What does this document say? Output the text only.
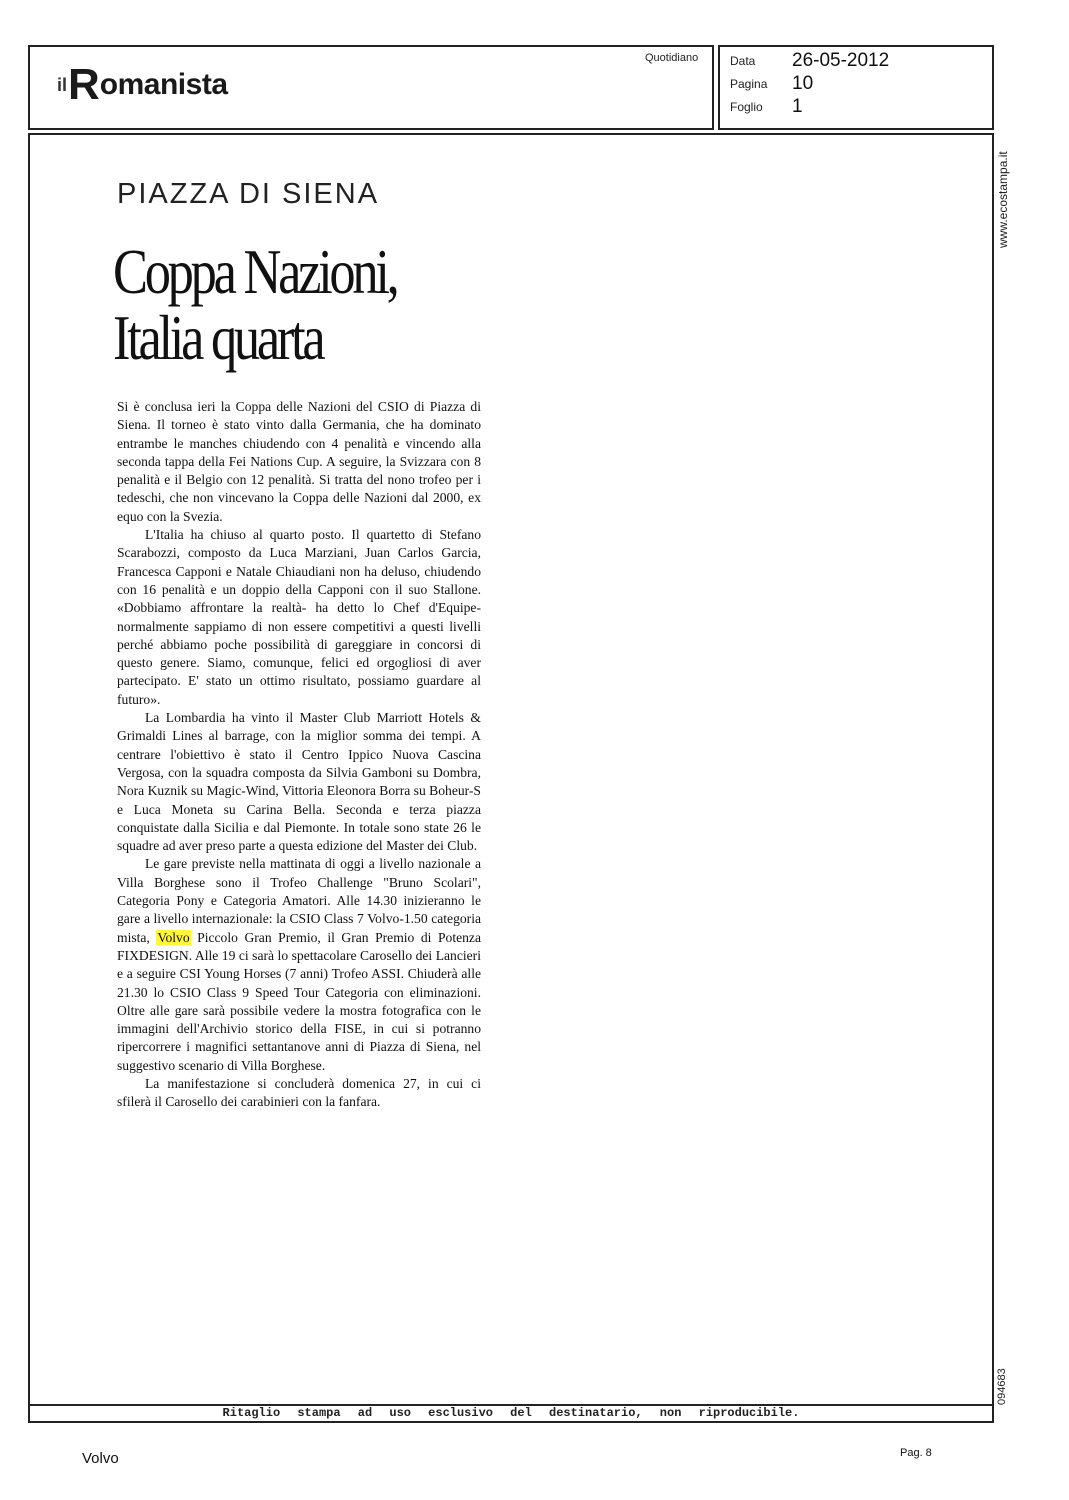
il R omanista
Quotidiano	Data 26-05-2012
Pagina 10
Foglio 1
www.ecostampa.it
094683
PIAZZA DI SIENA
Coppa Nazioni,
Italia quarta

Si è conclusa ieri la Coppa delle Nazioni del CSIO di Piazza di Siena. Il torneo è stato vinto dalla Germania, che ha dominato entrambe le manches chiudendo con 4 penalità e vincendo alla seconda tappa della Fei Nations Cup. A seguire, la Svizzara con 8 penalità e il Belgio con 12 penalità. Si tratta del nono trofeo per i tedeschi, che non vincevano la Coppa delle Nazioni dal 2000, ex equo con la Svezia.

L'Italia ha chiuso al quarto posto. Il quartetto di Stefano Scarabozzi, composto da Luca Marziani, Juan Carlos Garcia, Francesca Capponi e Natale Chiaudiani non ha deluso, chiudendo con 16 penalità e un doppio della Capponi con il suo Stallone. «Dobbiamo affrontare la realtà- ha detto lo Chef d'Equipe- normalmente sappiamo di non essere competitivi a questi livelli perché abbiamo poche possibilità di gareggiare in concorsi di questo genere. Siamo, comunque, felici ed orgogliosi di aver partecipato. E' stato un ottimo risultato, possiamo guardare al futuro».

La Lombardia ha vinto il Master Club Marriott Hotels & Grimaldi Lines al barrage, con la miglior somma dei tempi. A centrare l'obiettivo è stato il Centro Ippico Nuova Cascina Vergosa, con la squadra composta da Silvia Gamboni su Dombra, Nora Kuznik su Magic-Wind, Vittoria Eleonora Borra su Boheur-S e Luca Moneta su Carina Bella. Seconda e terza piazza conquistate dalla Sicilia e dal Piemonte. In totale sono state 26 le squadre ad aver preso parte a questa edizione del Master dei Club.

Le gare previste nella mattinata di oggi a livello nazionale a Villa Borghese sono il Trofeo Challenge "Bruno Scolari", Categoria Pony e Categoria Amatori. Alle 14.30 inizieranno le gare a livello internazionale: la CSIO Class 7 Volvo-1.50 categoria mista, Volvo Piccolo Gran Premio, il Gran Premio di Potenza FIXDESIGN. Alle 19 ci sarà lo spettacolare Carosello dei Lancieri e a seguire CSI Young Horses (7 anni) Trofeo ASSI. Chiuderà alle 21.30 lo CSIO Class 9 Speed Tour Categoria con eliminazioni. Oltre alle gare sarà possibile vedere la mostra fotografica con le immagini dell'Archivio storico della FISE, in cui si potranno ripercorrere i magnifici settantanove anni di Piazza di Siena, nel suggestivo scenario di Villa Borghese.

La manifestazione si concluderà domenica 27, in cui ci sfilerà il Carosello dei carabinieri con la fanfara.

Ritaglio stampa ad uso esclusivo del destinatario, non riproducibile.
Volvo	Pag. 8
